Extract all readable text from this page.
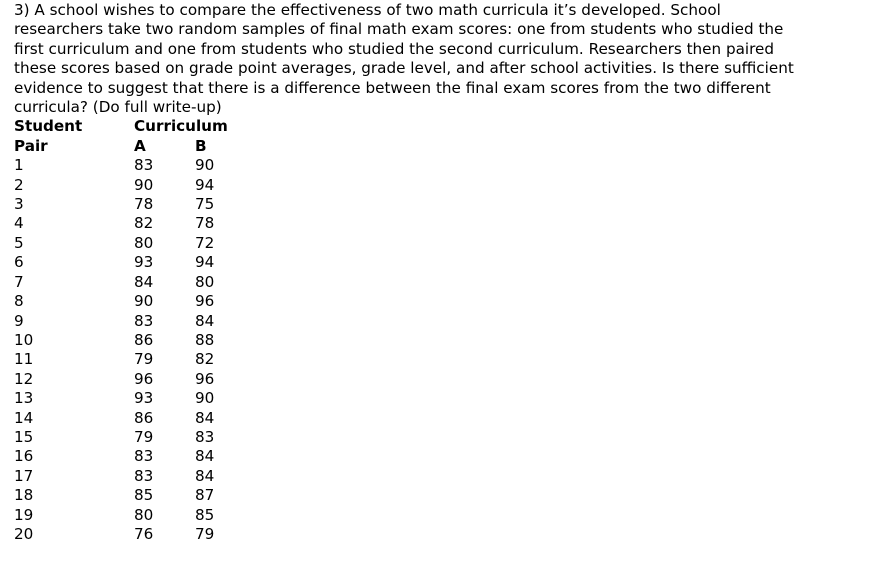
3) A school wishes to compare the effectiveness of two math curricula it’s developed. School
researchers take two random samples of final math exam scores: one from students who studied the
first curriculum and one from students who studied the second curriculum. Researchers then paired
these scores based on grade point averages, grade level, and after school activities. Is there sufficient
evidence to suggest that there is a difference between the final exam scores from the two different
curricula? (Do full write-up)

Student	Curriculum	
Pair	A	B
1	83	90
2	90	94
3	78	75
4	82	78
5	80	72
6	93	94
7	84	80
8	90	96
9	83	84
10	86	88
11	79	82
12	96	96
13	93	90
14	86	84
15	79	83
16	83	84
17	83	84
18	85	87
19	80	85
20	76	79
